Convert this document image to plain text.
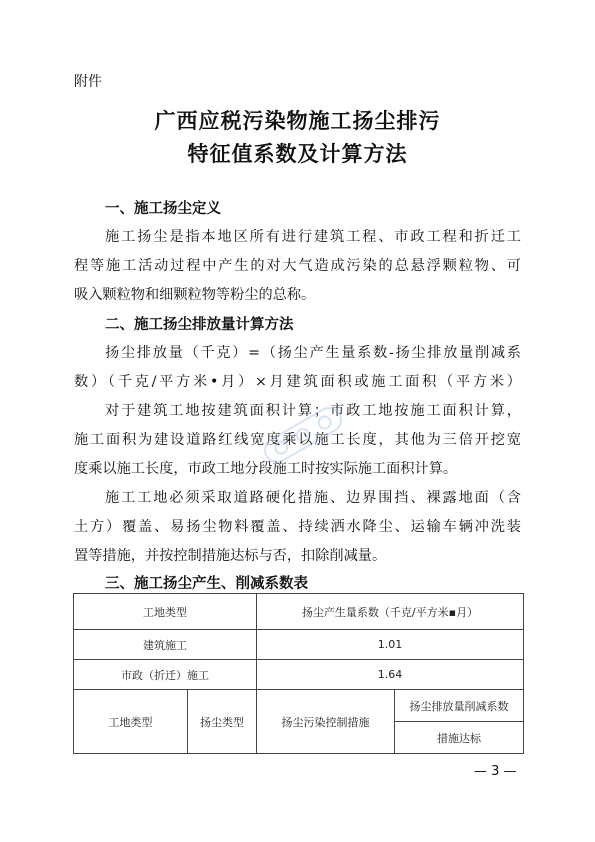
附件
广西应税污染物施工扬尘排污
特征值系数及计算方法
一、施工扬尘定义
施工扬尘是指本地区所有进行建筑工程、市政工程和折迁工
程等施工活动过程中产生的对大气造成污染的总悬浮颗粒物、可
吸入颗粒物和细颗粒物等粉尘的总称。
二、施工扬尘排放量计算方法
扬尘排放量（千克）=（扬尘产生量系数-扬尘排放量削减系
数）（千克/平方米•月）×月建筑面积或施工面积（平方米）
对于建筑工地按建筑面积计算；市政工地按施工面积计算，
施工面积为建设道路红线宽度乘以施工长度，其他为三倍开挖宽
度乘以施工长度，市政工地分段施工时按实际施工面积计算。
施工工地必须采取道路硬化措施、边界围挡、裸露地面（含
土方）覆盖、易扬尘物料覆盖、持续洒水降尘、运输车辆冲洗装
置等措施，并按控制措施达标与否，扣除削减量。
三、施工扬尘产生、削减系数表
工地类型		扬尘产生量系数（千克/平方米▪月）	
建筑施工		1.01	
市政（折迁）施工		1.64	
工地类型	扬尘类型	扬尘污染控制措施	扬尘排放量削减系数
			措施达标
— 3 —
